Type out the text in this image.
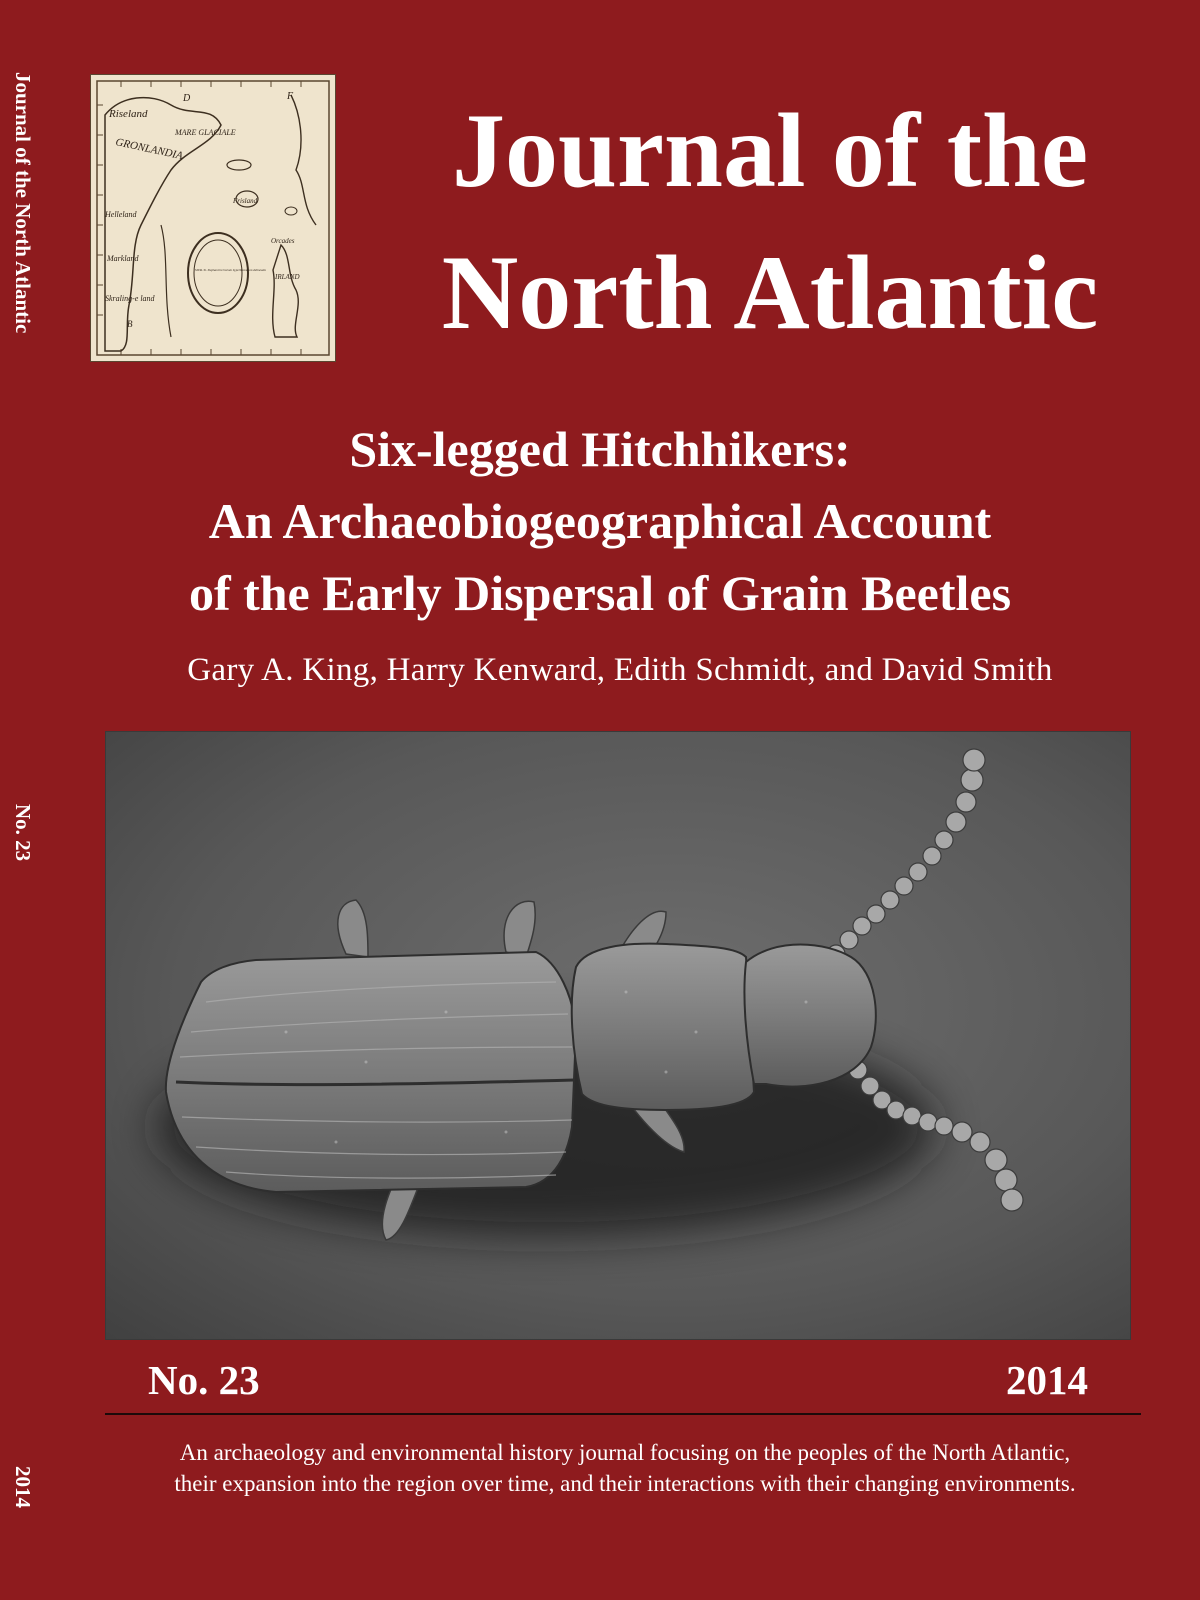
Journal of the North Atlantic
No. 23
2014
Riseland
D	F
MARE GLACIALE
GRONLANDIA
Frisland
Helleland
Markland
Orcades
IRLAND
Skraling-e land
B
SIUR. St. Stephanii terrarum hyperborearum delineatio
Journal of the
North Atlantic
Six-legged Hitchhikers:
An Archaeobiogeographical Account
of the Early Dispersal of Grain Beetles
Gary A. King, Harry Kenward, Edith Schmidt, and David Smith
No. 23	2014
An archaeology and environmental history journal focusing on the peoples of the North Atlantic,
their expansion into the region over time, and their interactions with their changing environments.
